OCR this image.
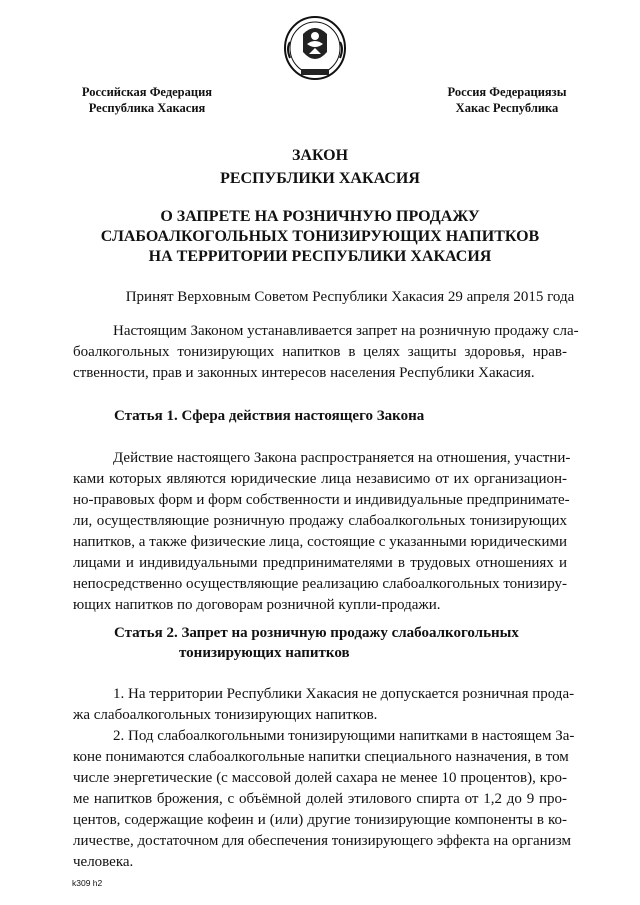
Российская Федерация
Республика Хакасия
Россия Федерациязы
Хакас Республика
ЗАКОН
РЕСПУБЛИКИ ХАКАСИЯ
О ЗАПРЕТЕ НА РОЗНИЧНУЮ ПРОДАЖУ
СЛАБОАЛКОГОЛЬНЫХ ТОНИЗИРУЮЩИХ НАПИТКОВ
НА ТЕРРИТОРИИ РЕСПУБЛИКИ ХАКАСИЯ
Принят Верховным Советом Республики Хакасия 29 апреля 2015 года
Настоящим Законом устанавливается запрет на розничную продажу сла-
боалкогольных тонизирующих напитков в целях защиты здоровья, нрав-
ственности, прав и законных интересов населения Республики Хакасия.
Статья 1. Сфера действия настоящего Закона
Действие настоящего Закона распространяется на отношения, участни-
ками которых являются юридические лица независимо от их организацион-
но-правовых форм и форм собственности и индивидуальные предпринимате-
ли, осуществляющие розничную продажу слабоалкогольных тонизирующих
напитков, а также физические лица, состоящие с указанными юридическими
лицами и индивидуальными предпринимателями в трудовых отношениях и
непосредственно осуществляющие реализацию слабоалкогольных тонизиру-
ющих напитков по договорам розничной купли-продажи.
Статья 2. Запрет на розничную продажу слабоалкогольных
тонизирующих напитков
1. На территории Республики Хакасия не допускается розничная прода-
жа слабоалкогольных тонизирующих напитков.
2. Под слабоалкогольными тонизирующими напитками в настоящем За-
коне понимаются слабоалкогольные напитки специального назначения, в том
числе энергетические (с массовой долей сахара не менее 10 процентов), кро-
ме напитков брожения, с объёмной долей этилового спирта от 1,2 до 9 про-
центов, содержащие кофеин и (или) другие тонизирующие компоненты в ко-
личестве, достаточном для обеспечения тонизирующего эффекта на организм
человека.
k309 h2
